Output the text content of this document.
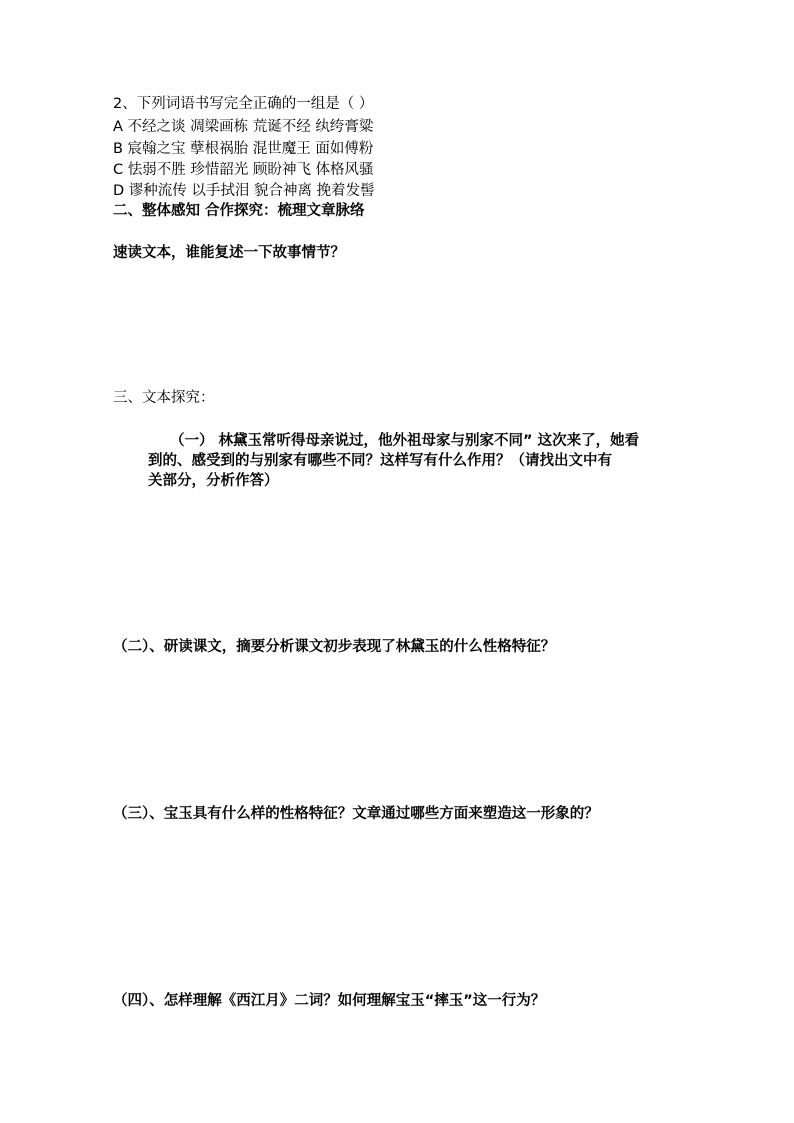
2、下列词语书写完全正确的一组是（ ）
A 不经之谈 凋梁画栋 荒诞不经 纨绔膏粱
B 宸翰之宝 孽根祸胎 混世魔王 面如傅粉
C 怯弱不胜 珍惜韶光 顾盼神飞 体格风骚
D 谬种流传 以手拭泪 貌合神离 挽着发髻
二、整体感知 合作探究：梳理文章脉络
速读文本，谁能复述一下故事情节？
三、文本探究：
（一） 林黛玉常听得母亲说过，他外祖母家与别家不同” 这次来了，她看
到的、感受到的与别家有哪些不同？这样写有什么作用？（请找出文中有
关部分，分析作答）
（二）、研读课文，摘要分析课文初步表现了林黛玉的什么性格特征？
（三）、宝玉具有什么样的性格特征？文章通过哪些方面来塑造这一形象的？
（四）、怎样理解《西江月》二词？如何理解宝玉“摔玉”这一行为？
